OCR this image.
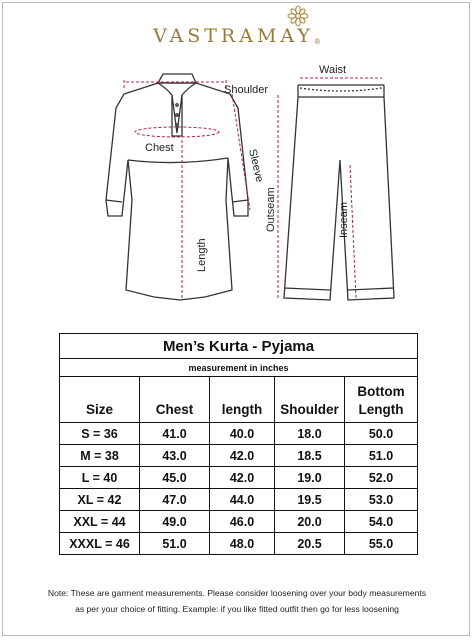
VASTRAMAY®
Shoulder
Chest	Sleeve
Length
Waist
Outseam	Inseam
Men’s Kurta - Pyjama				
measurement in inches				
Size	Chest	length	Shoulder	Bottom
Length
S = 36	41.0	40.0	18.0	50.0
M = 38	43.0	42.0	18.5	51.0
L = 40	45.0	42.0	19.0	52.0
XL = 42	47.0	44.0	19.5	53.0
XXL = 44	49.0	46.0	20.0	54.0
XXXL = 46	51.0	48.0	20.5	55.0
Note: These are garment measurements. Please consider loosening over your body measurements
as per your choice of fitting. Example: if you like fitted outfit then go for less loosening
